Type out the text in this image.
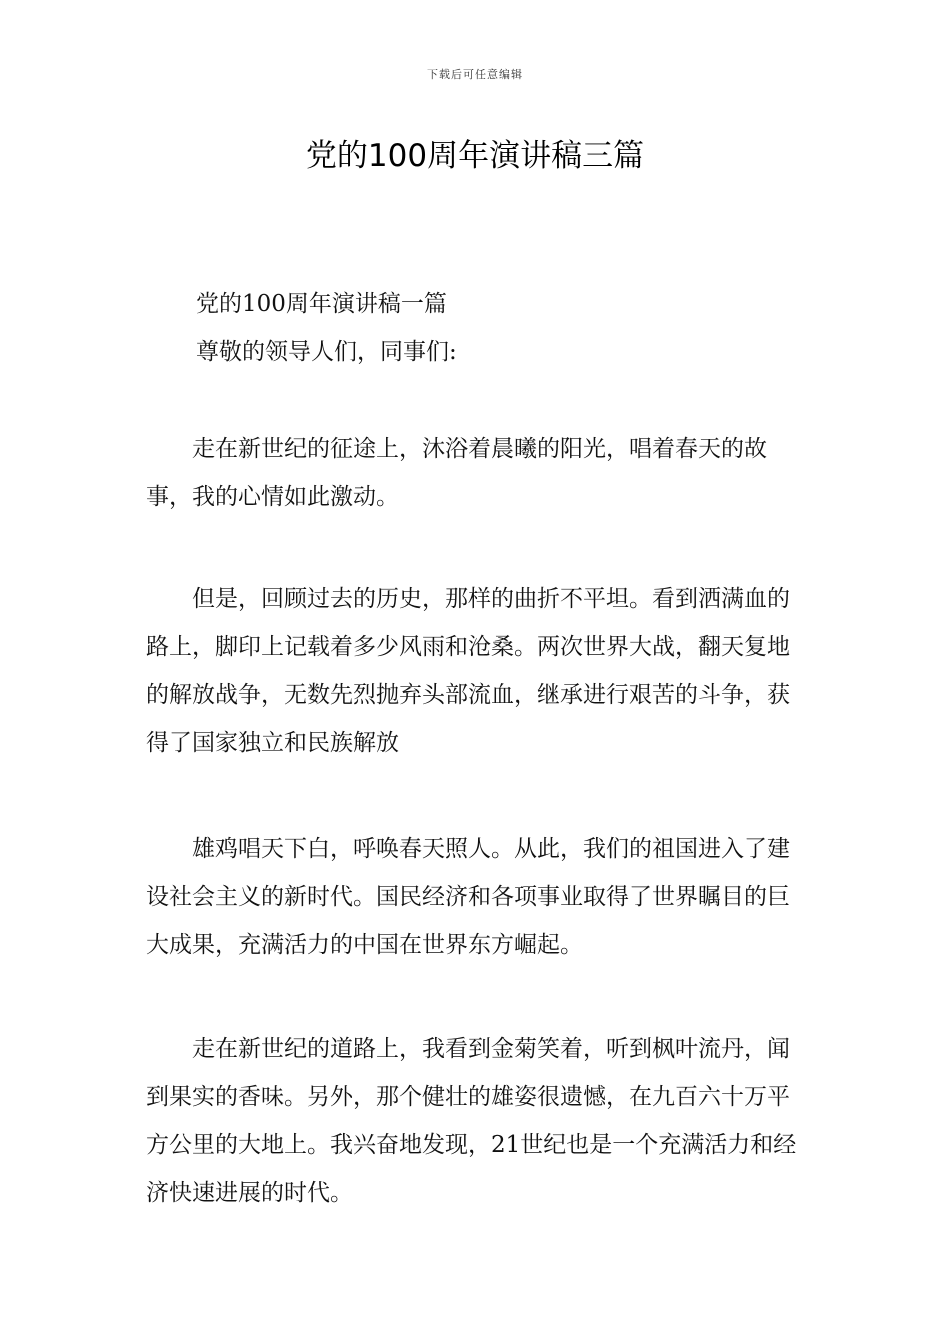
下载后可任意编辑
党的100周年演讲稿三篇

党的100周年演讲稿一篇

尊敬的领导人们，同事们:

走在新世纪的征途上，沐浴着晨曦的阳光，唱着春天的故事，我的心情如此激动。

但是，回顾过去的历史，那样的曲折不平坦。看到洒满血的路上，脚印上记载着多少风雨和沧桑。两次世界大战，翻天复地的解放战争，无数先烈抛弃头部流血，继承进行艰苦的斗争，获得了国家独立和民族解放

雄鸡唱天下白，呼唤春天照人。从此，我们的祖国进入了建设社会主义的新时代。国民经济和各项事业取得了世界瞩目的巨大成果，充满活力的中国在世界东方崛起。

走在新世纪的道路上，我看到金菊笑着，听到枫叶流丹，闻到果实的香味。另外，那个健壮的雄姿很遗憾，在九百六十万平方公里的大地上。我兴奋地发现，21世纪也是一个充满活力和经济快速进展的时代。
